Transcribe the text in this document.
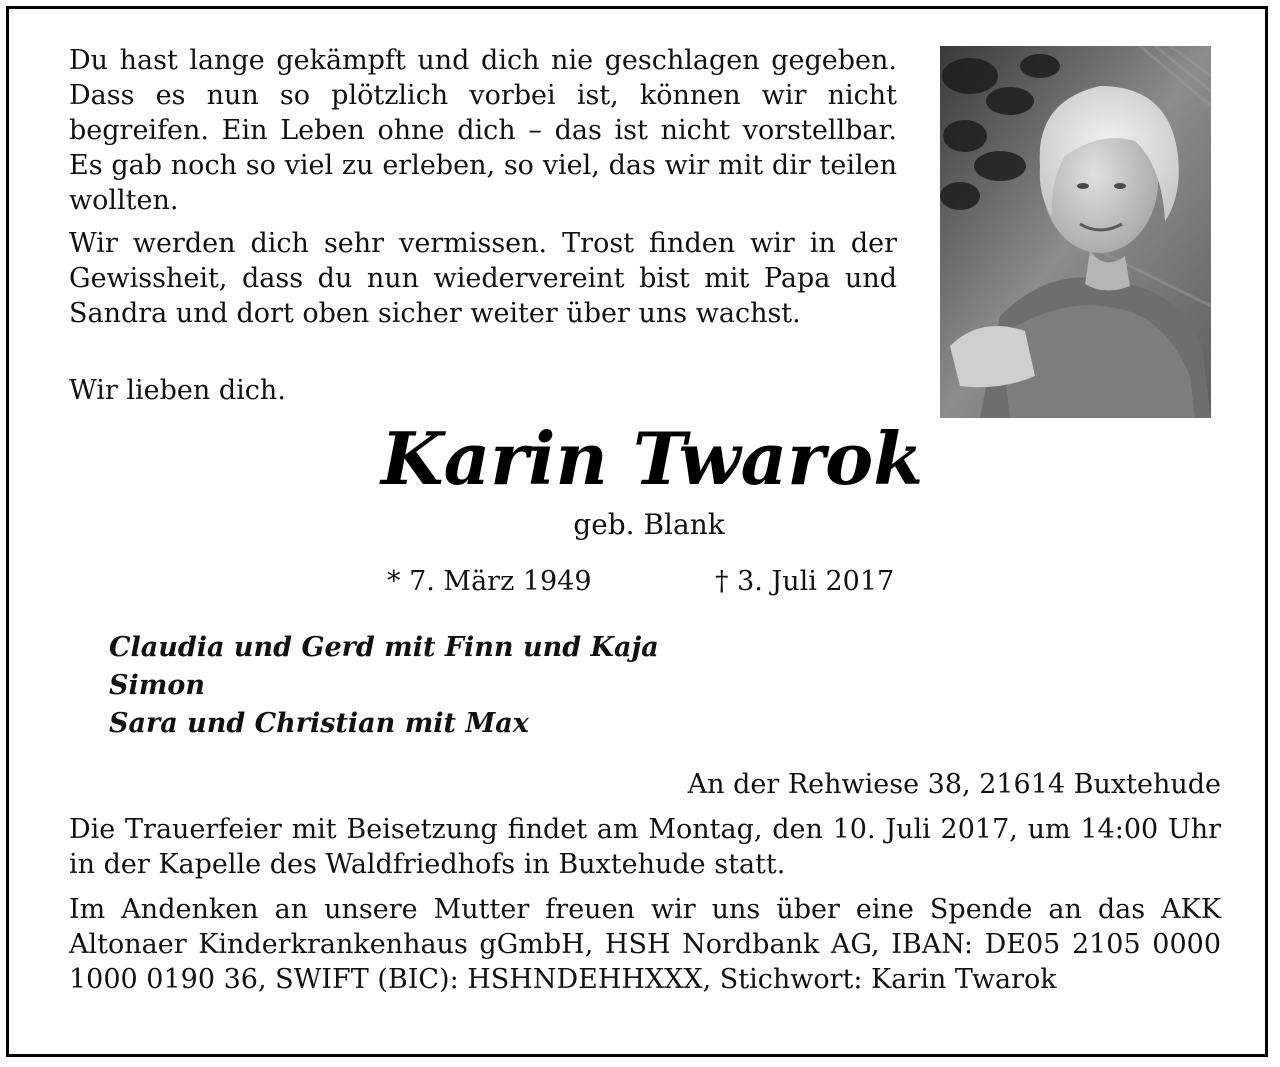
Du hast lange gekämpft und dich nie geschlagen gegeben. Dass es nun so plötzlich vorbei ist, können wir nicht begreifen. Ein Leben ohne dich – das ist nicht vorstellbar. Es gab noch so viel zu erleben, so viel, das wir mit dir teilen wollten.

Wir werden dich sehr vermissen. Trost finden wir in der Gewissheit, dass du nun wiedervereint bist mit Papa und Sandra und dort oben sicher weiter über uns wachst.

Wir lieben dich.

Karin Twarok

geb. Blank

* 7. März 1949	† 3. Juli 2017

Claudia und Gerd mit Finn und Kaja
Simon
Sara und Christian mit Max

An der Rehwiese 38, 21614 Buxtehude

Die Trauerfeier mit Beisetzung findet am Montag, den 10. Juli 2017, um 14:00 Uhr in der Kapelle des Waldfriedhofs in Buxtehude statt.

Im Andenken an unsere Mutter freuen wir uns über eine Spende an das AKK Altonaer Kinderkrankenhaus gGmbH, HSH Nordbank AG, IBAN: DE05 2105 0000 1000 0190 36, SWIFT (BIC): HSHNDEHHXXX, Stichwort: Karin Twarok
